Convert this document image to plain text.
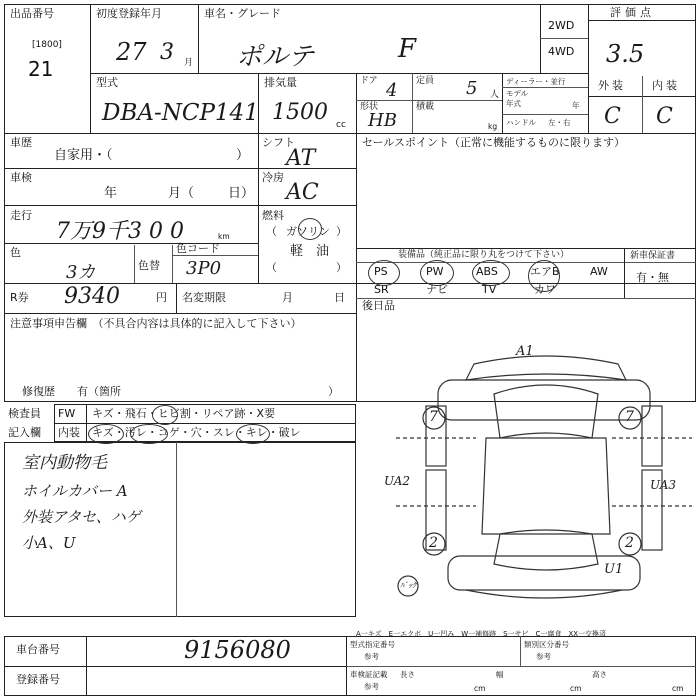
出品番号
[1800]
21
初度登録年月
27 3 月
車名・グレード
ポルテ	F
2WD
4WD
評価点
3.5
型式
DBA-NCP141
排気量
1500 cc
ドア 4 定員 5 人
形状
HB
積載
kg
ディーラー・並行
モデル
年式	年
ハンドル 左・右
外装 内装
C C
車歴
自家用・（	）
車検
年	月（	日）
走行
7万9千3 0 0	km
色
3カ	色替
色コード
3P0
シフト
AT
冷房
AC
燃料
（ ガソリン ）
（
軽　油
）
セールスポイント（正常に機能するものに限ります）
装備品（純正品に限り丸をつけて下さい）	新車保証書
有・無
PS	PW	ABS	エアB	AW
SR	ナビ	TV	カワ
後日品
R券 9340	円 名変期限	月	日
注意事項申告欄　（不具合内容は具体的に記入して下さい）
修復歴　　有（箇所	）
検査員
記入欄
FW キズ・飛石・ヒビ割・リペア跡・X要
内装 キズ・汚レ・コゲ・穴・スレ・キレ・破レ
室内動物毛
ホイルカバー A
外装アタセ、ハゲ
小A、U
A1
UA2	UA3
7	7
2	2
U1
ﾊﾞｯｸ
A一キズ　E一エクボ　U一凹み　W一補修跡　S一サビ　C一腐食　XX一交換済
車台番号	9156080
登録番号
型式指定番号
参考
類別区分番号
参考
車検証記載
参考
長さ
cm
幅
cm
高さ
cm
